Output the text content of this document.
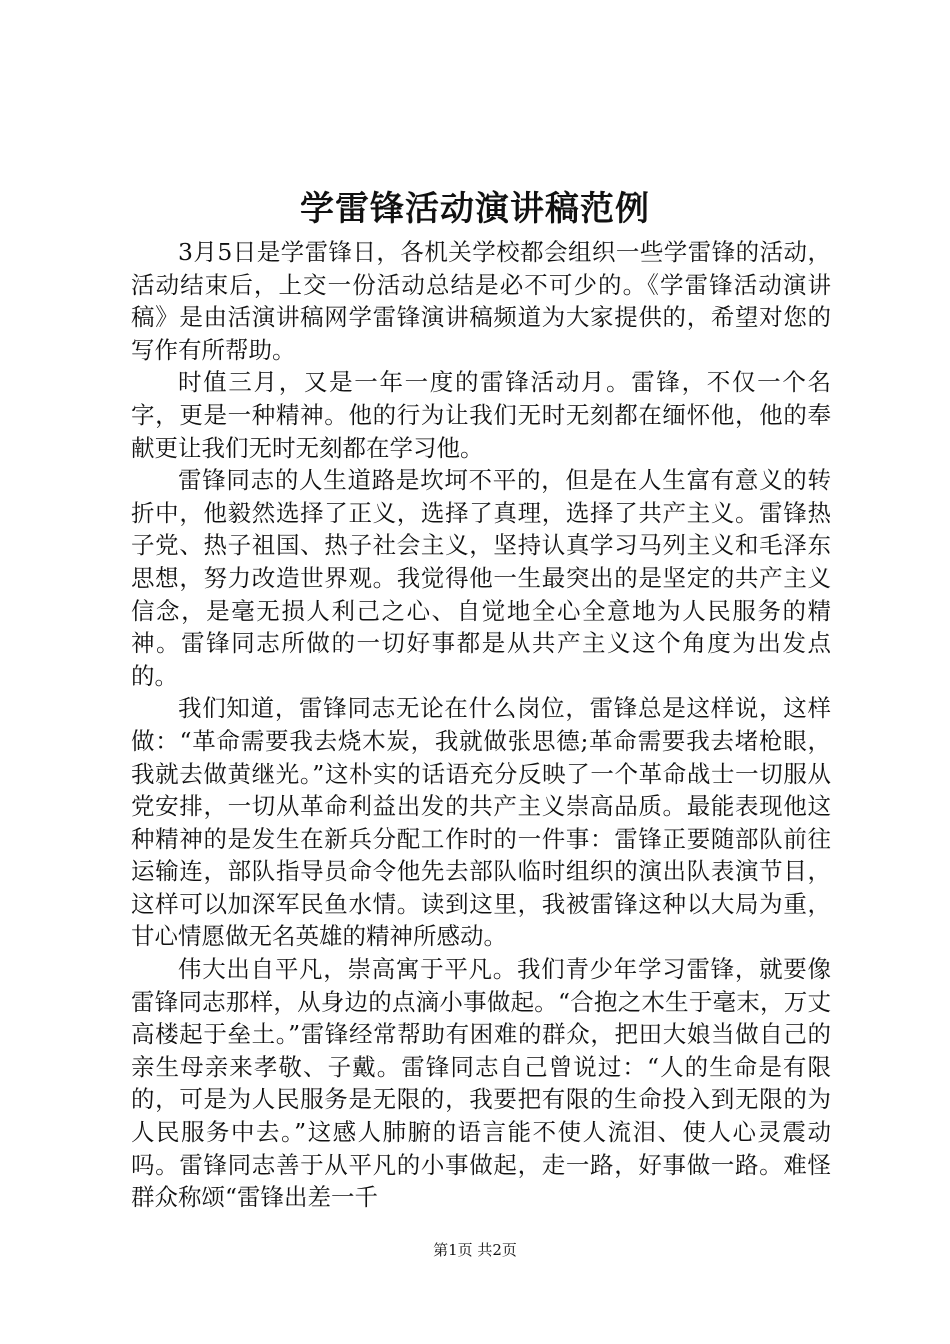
学雷锋活动演讲稿范例

3月5日是学雷锋日，各机关学校都会组织一些学雷锋的活动，活动结束后，上交一份活动总结是必不可少的。《学雷锋活动演讲稿》是由活演讲稿网学雷锋演讲稿频道为大家提供的，希望对您的写作有所帮助。

时值三月，又是一年一度的雷锋活动月。雷锋，不仅一个名字，更是一种精神。他的行为让我们无时无刻都在缅怀他，他的奉献更让我们无时无刻都在学习他。

雷锋同志的人生道路是坎坷不平的，但是在人生富有意义的转折中，他毅然选择了正义，选择了真理，选择了共产主义。雷锋热子党、热子祖国、热子社会主义，坚持认真学习马列主义和毛泽东思想，努力改造世界观。我觉得他一生最突出的是坚定的共产主义信念，是毫无损人利己之心、自觉地全心全意地为人民服务的精神。雷锋同志所做的一切好事都是从共产主义这个角度为出发点的。

我们知道，雷锋同志无论在什么岗位，雷锋总是这样说，这样做：“革命需要我去烧木炭，我就做张思德;革命需要我去堵枪眼，我就去做黄继光。”这朴实的话语充分反映了一个革命战士一切服从党安排，一切从革命利益出发的共产主义崇高品质。最能表现他这种精神的是发生在新兵分配工作时的一件事：雷锋正要随部队前往运输连，部队指导员命令他先去部队临时组织的演出队表演节目，这样可以加深军民鱼水情。读到这里，我被雷锋这种以大局为重，甘心情愿做无名英雄的精神所感动。

伟大出自平凡，崇高寓于平凡。我们青少年学习雷锋，就要像雷锋同志那样，从身边的点滴小事做起。“合抱之木生于毫末，万丈高楼起于垒土。”雷锋经常帮助有困难的群众，把田大娘当做自己的亲生母亲来孝敬、子戴。雷锋同志自己曾说过：“人的生命是有限的，可是为人民服务是无限的，我要把有限的生命投入到无限的为人民服务中去。”这感人肺腑的语言能不使人流泪、使人心灵震动吗。雷锋同志善于从平凡的小事做起，走一路，好事做一路。难怪群众称颂“雷锋出差一千

第1页 共2页
